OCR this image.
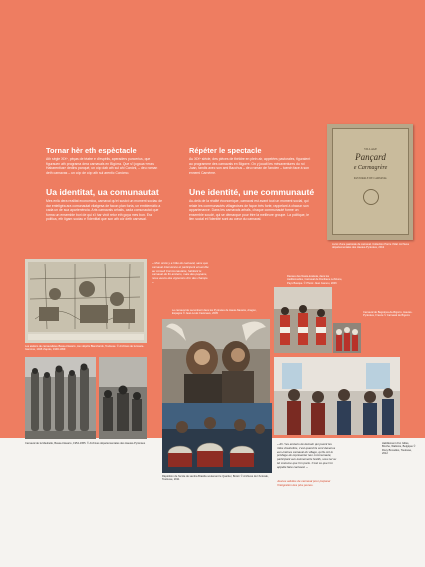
Tornar hèr eth espèctacle
Ath sègle XIXᵉ, pèças de tèatre e d'espèlis, aperaders puncerius, que figurauen ath programa dera carnavals en Bigòrra. Que s'i jogaua «eras Habarentius» dedins panquè, un còp dab ath sul ahí Canòni, – deu roman deth carnavas – un còp de còp ath sul arentíc Canòmo.
Répéter le spectacle
Au XIXᵉ siècle, des pièces de théâtre en plein air, appelées pastorales, figuraient au programme des carnavals en Bigorre. On y jouait les mésaventures du roi Juan, tandis avec son ami Bacchus – deu roman de l'ancien – tuerch face à son ennemi Carnème.
Ua identitat, ua comunautat
Mes enlà dera realitat economica, carnaval qu'ei sustot un moment sociau de dar enteligéa ara comunautat vilatgesa de facon plan forta, un emblemàtic a cada un de sua apartenència. Arts carnavals arhaiis, cada comunautat que forma un ensemble bori de qui s'i har viròt retor eth goya mes bon. Era politica, eth lígam sociau e l'identitat que son ath còr deth carnaval.
Une identité, une communauté
Au-delà de la réalité économique, carnaval est avant tout un moment social, qui relaie les communautés villageoises de façon très forte, rappelant à chacun son appartenance. Dans les carnavals arhaïs, chaque communauté forme un ensemble soudé, qui se démarque pour être la meilleure groupe. La politique, le lien social et l'identité sont au cœur du carnaval.
VILLAGE
Pançard
e Carmagrère
PASTORALE DE CARNAVAL
Livret d'une pastorale de carnaval. Collection Pierre Vidal. Archives départementales des Hautes-Pyrénées, 2012
« Mon oncle y a hôte de carnaval, sans que carnaval intervienne et participent ensemble au conseil Communautaire, habitant le carnaval de fin anciens, mais des paysans, nous avons des vignerons d'or des champs. »
Les ateliers de carnavalistes Basse-Navarre, Aux dépôts Blanchards, Toulouse. © Archives de la Haute-Garonne, 1946 d'après, 1948-1999
Carnaval de la Maubelle, Basse-Navarre, 1954-1955. © Archives départementales des Hautes-Pyrénées
Le carnaval de Lecumberri dans les Pyrénées de Haute-Navarre, Aragon, Espagne © Jean-Louis Cazenave, 2005
Danses des Naste-kosketa, dans les traditionnelles, Carnaval de Donibane Lohizune, Pays Basque. © Photo: Jéan Gamou, 2006
Carnaval de Bagnères-de-Bigorre, Hautes-Pyrénées, France © Carnaval de Bigorre
Répétition de l'école de samba Brasilia soutenant le Quartier, Brésil. © Archives de l'Amicale, Toulouse, 2011
Habillement d'un Gilles, Binche, Wallonie, Belgique © Roxy Bruxelles, Toulouse, 2012
« Ah ! les anciens de demain qui jouent les rôles d'autrefois, c'est quand ils sont devenus eux-mêmes carnaval du village, qu'ils ont le privilège de représenter leur communauté, participant aux événements festifs, sous tel ou tel costume que l'on porte. C'est ce que l'on appelle faire carnaval. »
Jeunes adultes de carnaval pour préparer l'intégration des plus jeunes.
